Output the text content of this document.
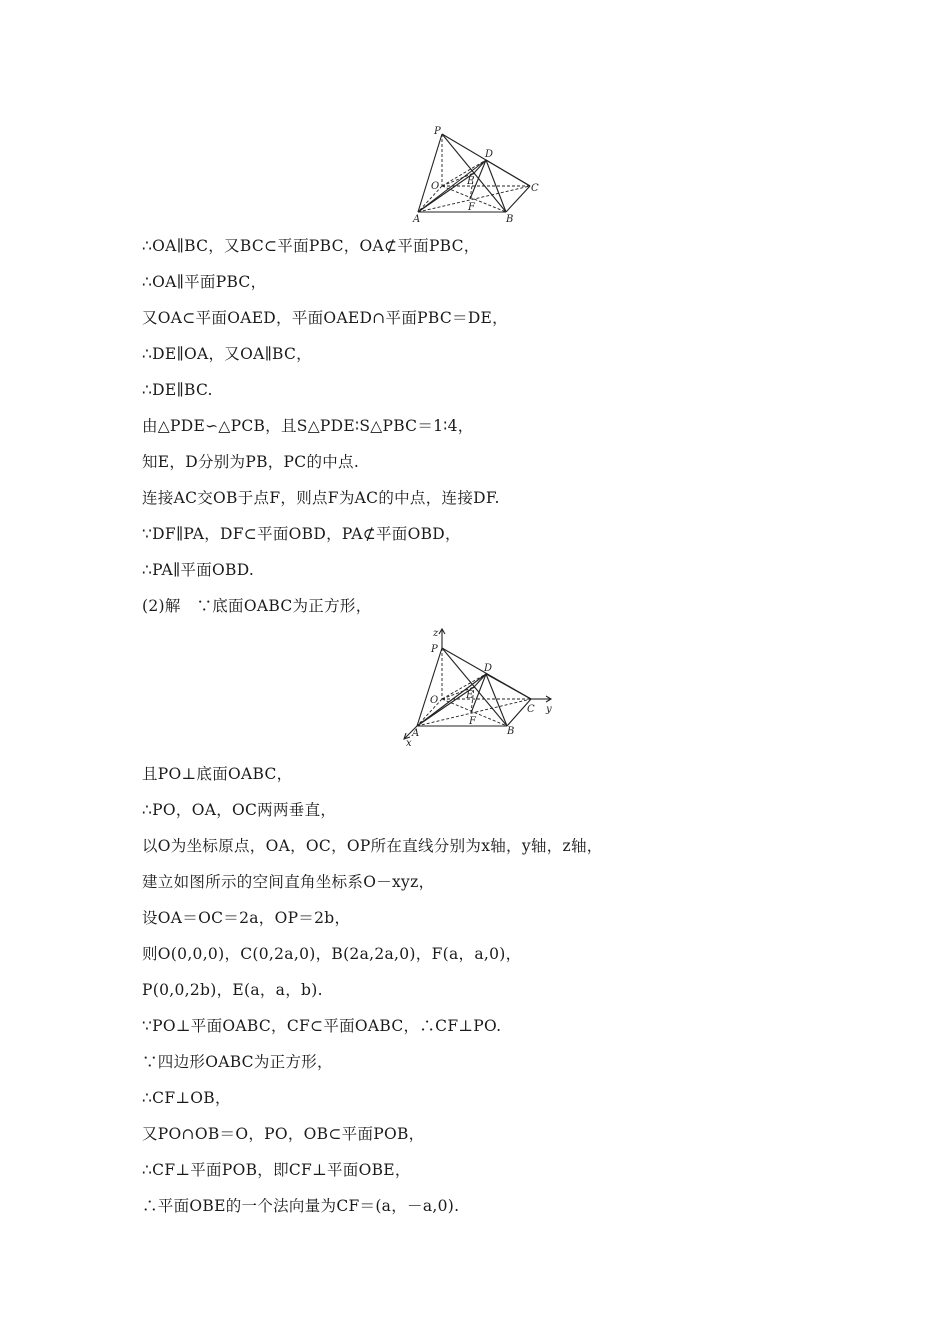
P
D
O	E
C
F
A	B
∴OA∥BC，又BC⊂平面PBC，OA⊄平面PBC，
∴OA∥平面PBC，
又OA⊂平面OAED，平面OAED∩平面PBC＝DE，
∴DE∥OA，又OA∥BC，
∴DE∥BC.
由△PDE∽△PCB，且S△PDE∶S△PBC＝1∶4，
知E，D分别为PB，PC的中点.
连接AC交OB于点F，则点F为AC的中点，连接DF.
∵DF∥PA，DF⊂平面OBD，PA⊄平面OBD，
∴PA∥平面OBD.
(2)解　∵底面OABC为正方形，
z
P
D
O	E
C y
F
A	B
x
且PO⊥底面OABC，
∴PO，OA，OC两两垂直，
以O为坐标原点，OA，OC，OP所在直线分别为x轴，y轴，z轴，
建立如图所示的空间直角坐标系O－xyz，
设OA＝OC＝2a，OP＝2b，
则O(0,0,0)，C(0,2a,0)，B(2a,2a,0)，F(a，a,0)，
P(0,0,2b)，E(a，a，b).
∵PO⊥平面OABC，CF⊂平面OABC，∴CF⊥PO.
∵四边形OABC为正方形，
∴CF⊥OB，
又PO∩OB＝O，PO，OB⊂平面POB，
∴CF⊥平面POB，即CF⊥平面OBE，
∴平面OBE的一个法向量为CF＝(a，－a,0).
